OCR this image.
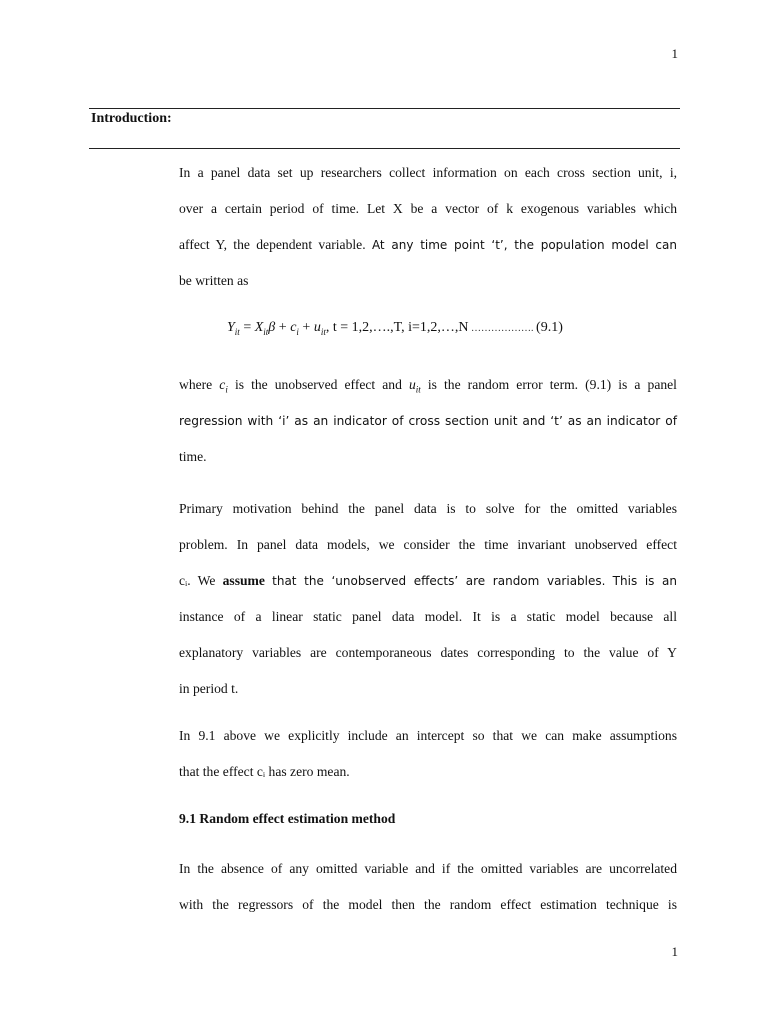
1
Introduction:
In a panel data set up researchers collect information on each cross section unit, i,
over a certain period of time. Let X be a vector of k exogenous variables which
affect Y, the dependent variable. At any time point ‘t’, the population model can
be written as
$Y_{it} = X_{it}\beta + c_i + u_{it}$, t = 1,2,….,T, i=1,2,…,N ………………. (9.1)
where $c_i$ is the unobserved effect and $u_{it}$ is the random error term. (9.1) is a panel
regression with ‘i’ as an indicator of cross section unit and ‘t’ as an indicator of
time.
Primary motivation behind the panel data is to solve for the omitted variables
problem. In panel data models, we consider the time invariant unobserved effect
cᵢ. We assume that the ‘unobserved effects’ are random variables. This is an
instance of a linear static panel data model. It is a static model because all
explanatory variables are contemporaneous dates corresponding to the value of Y
in period t.
In 9.1 above we explicitly include an intercept so that we can make assumptions
that the effect cᵢ has zero mean.
9.1 Random effect estimation method
In the absence of any omitted variable and if the omitted variables are uncorrelated
with the regressors of the model then the random effect estimation technique is
1
